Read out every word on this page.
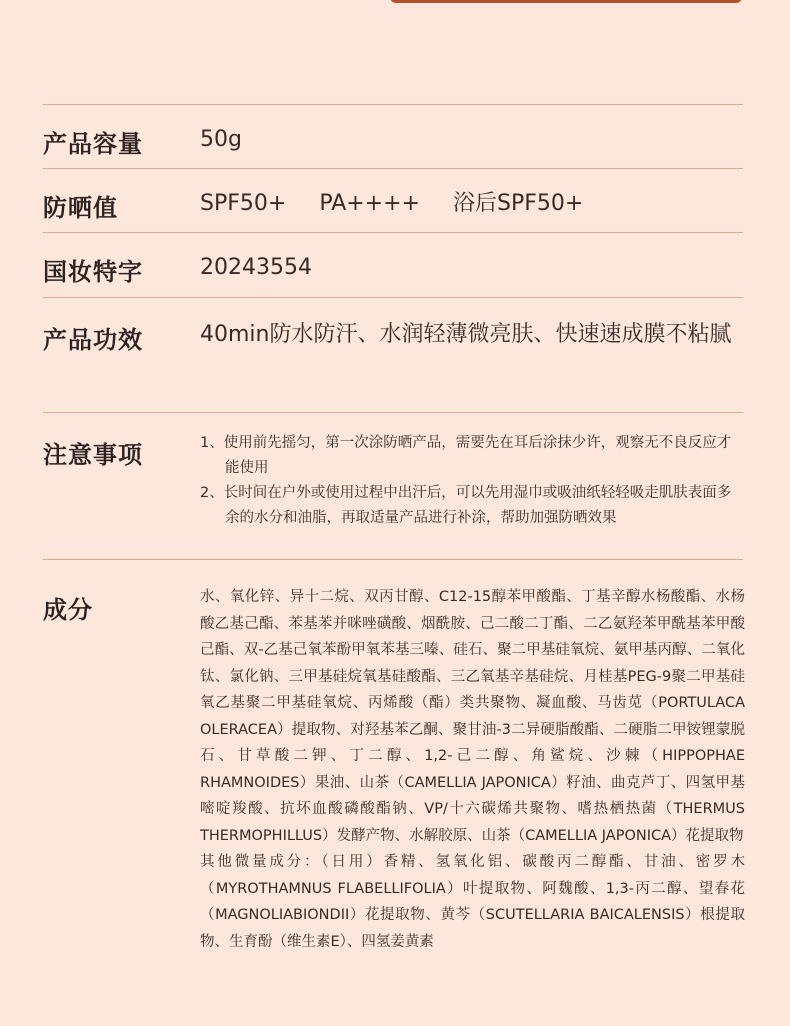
产品容量	50g
防晒值	SPF50+ PA++++ 浴后SPF50+
国妆特字	20243554
产品功效	40min防水防汗、水润轻薄微亮肤、快速速成膜不粘腻
注意事项	1、使用前先摇匀，第一次涂防晒产品，需要先在耳后涂抹少许，观察无不良反应才能使用
2、长时间在户外或使用过程中出汗后，可以先用湿巾或吸油纸轻轻吸走肌肤表面多余的水分和油脂，再取适量产品进行补涂，帮助加强防晒效果
成分	水、氧化锌、异十二烷、双丙甘醇、C12-15醇苯甲酸酯、丁基辛醇水杨酸酯、水杨酸乙基己酯、苯基苯并咪唑磺酸、烟酰胺、己二酸二丁酯、二乙氨羟苯甲酰基苯甲酸己酯、双-乙基己氧苯酚甲氧苯基三嗪、硅石、聚二甲基硅氧烷、氨甲基丙醇、二氧化钛、氯化钠、三甲基硅烷氧基硅酸酯、三乙氧基辛基硅烷、月桂基PEG-9聚二甲基硅氧乙基聚二甲基硅氧烷、丙烯酸（酯）类共聚物、凝血酸、马齿苋（PORTULACA OLERACEA）提取物、对羟基苯乙酮、聚甘油-3二异硬脂酸酯、二硬脂二甲铵锂蒙脱石、甘草酸二钾、丁二醇、1,2-己二醇、角鲨烷、沙棘（HIPPOPHAE RHAMNOIDES）果油、山茶（CAMELLIA JAPONICA）籽油、曲克芦丁、四氢甲基嘧啶羧酸、抗坏血酸磷酸酯钠、VP/十六碳烯共聚物、嗜热栖热菌（THERMUS THERMOPHILLUS）发酵产物、水解胶原、山茶（CAMELLIA JAPONICA）花提取物
其他微量成分：（日用）香精、氢氧化铝、碳酸丙二醇酯、甘油、密罗木（MYROTHAMNUS FLABELLIFOLIA）叶提取物、阿魏酸、1,3-丙二醇、望春花（MAGNOLIABIONDII）花提取物、黄芩（SCUTELLARIA BAICALENSIS）根提取物、生育酚（维生素E）、四氢姜黄素
